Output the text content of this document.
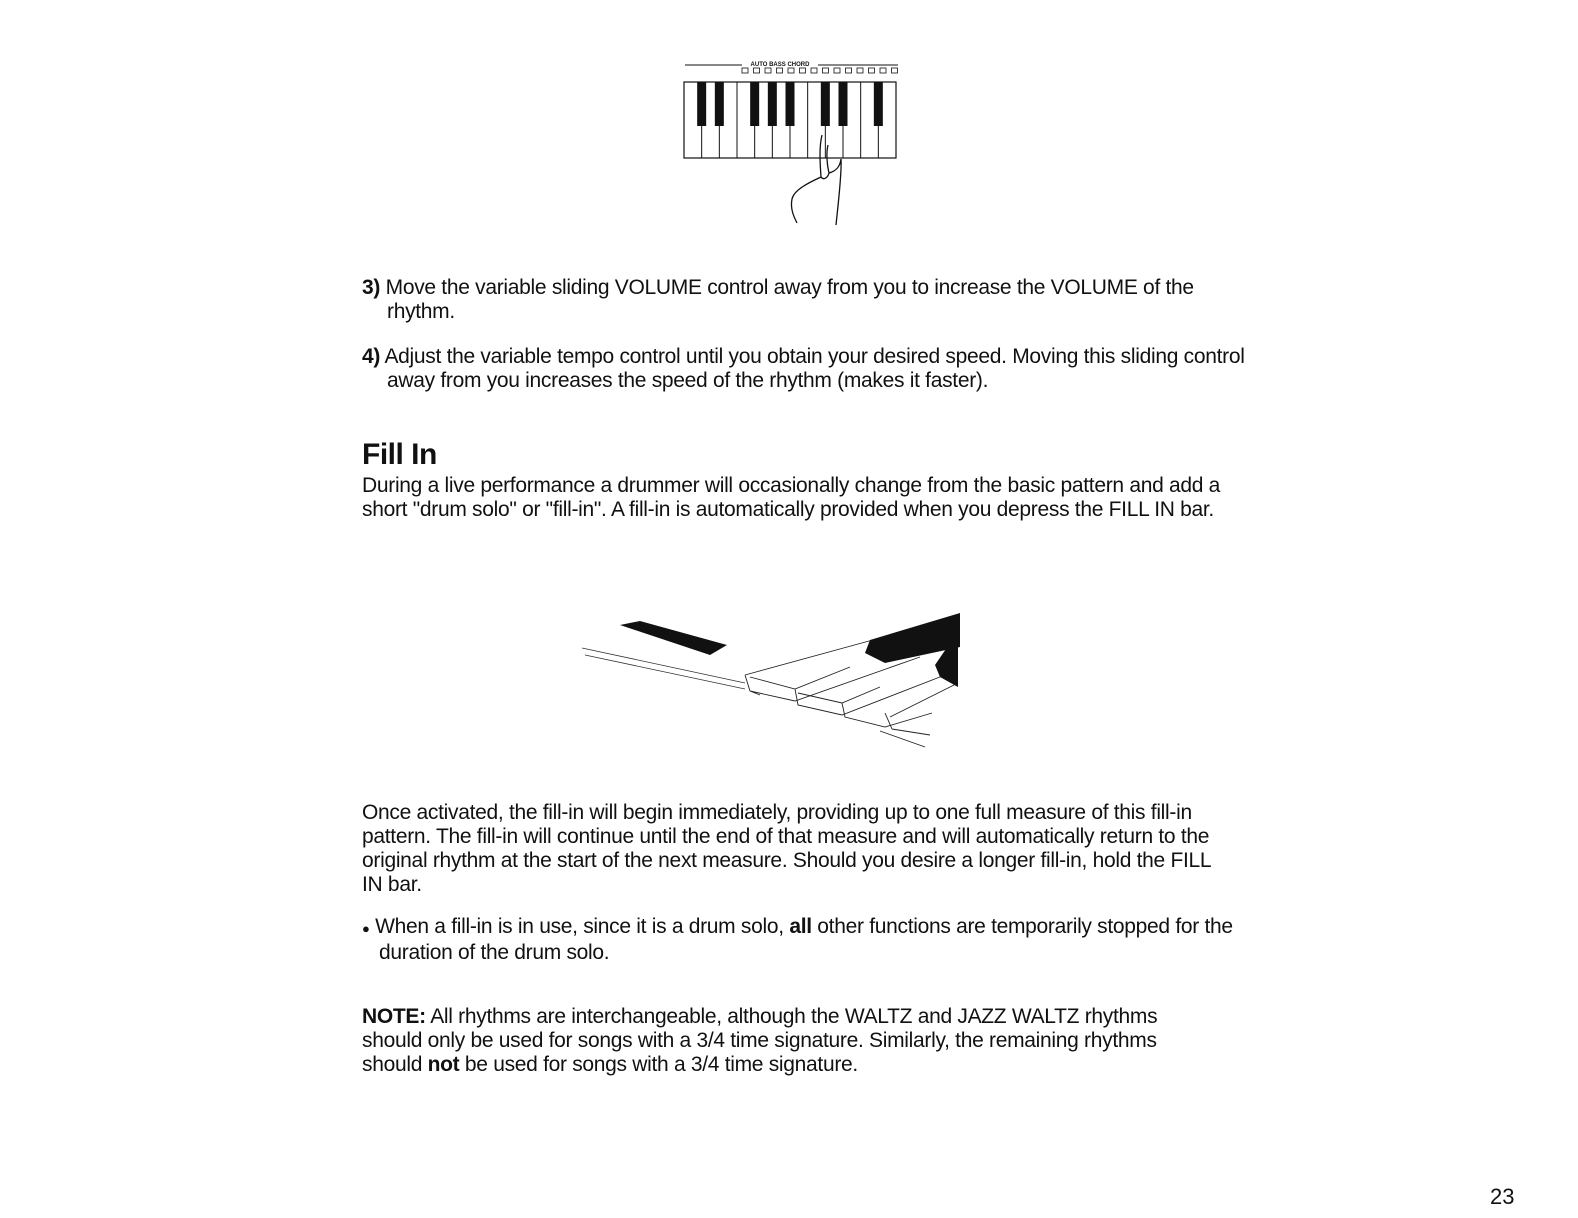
AUTO BASS CHORD
3) Move the variable sliding VOLUME control away from you to increase the VOLUME of the rhythm.
4) Adjust the variable tempo control until you obtain your desired speed. Moving this sliding control away from you increases the speed of the rhythm (makes it faster).
Fill In
During a live performance a drummer will occasionally change from the basic pattern and add a short "drum solo" or "fill-in". A fill-in is automatically provided when you depress the FILL IN bar.
Once activated, the fill-in will begin immediately, providing up to one full measure of this fill-in pattern. The fill-in will continue until the end of that measure and will automatically return to the original rhythm at the start of the next measure. Should you desire a longer fill-in, hold the FILL IN bar.
● When a fill-in is in use, since it is a drum solo, all other functions are temporarily stopped for the duration of the drum solo.
NOTE: All rhythms are interchangeable, although the WALTZ and JAZZ WALTZ rhythms should only be used for songs with a 3/4 time signature. Similarly, the remaining rhythms should not be used for songs with a 3/4 time signature.
23
